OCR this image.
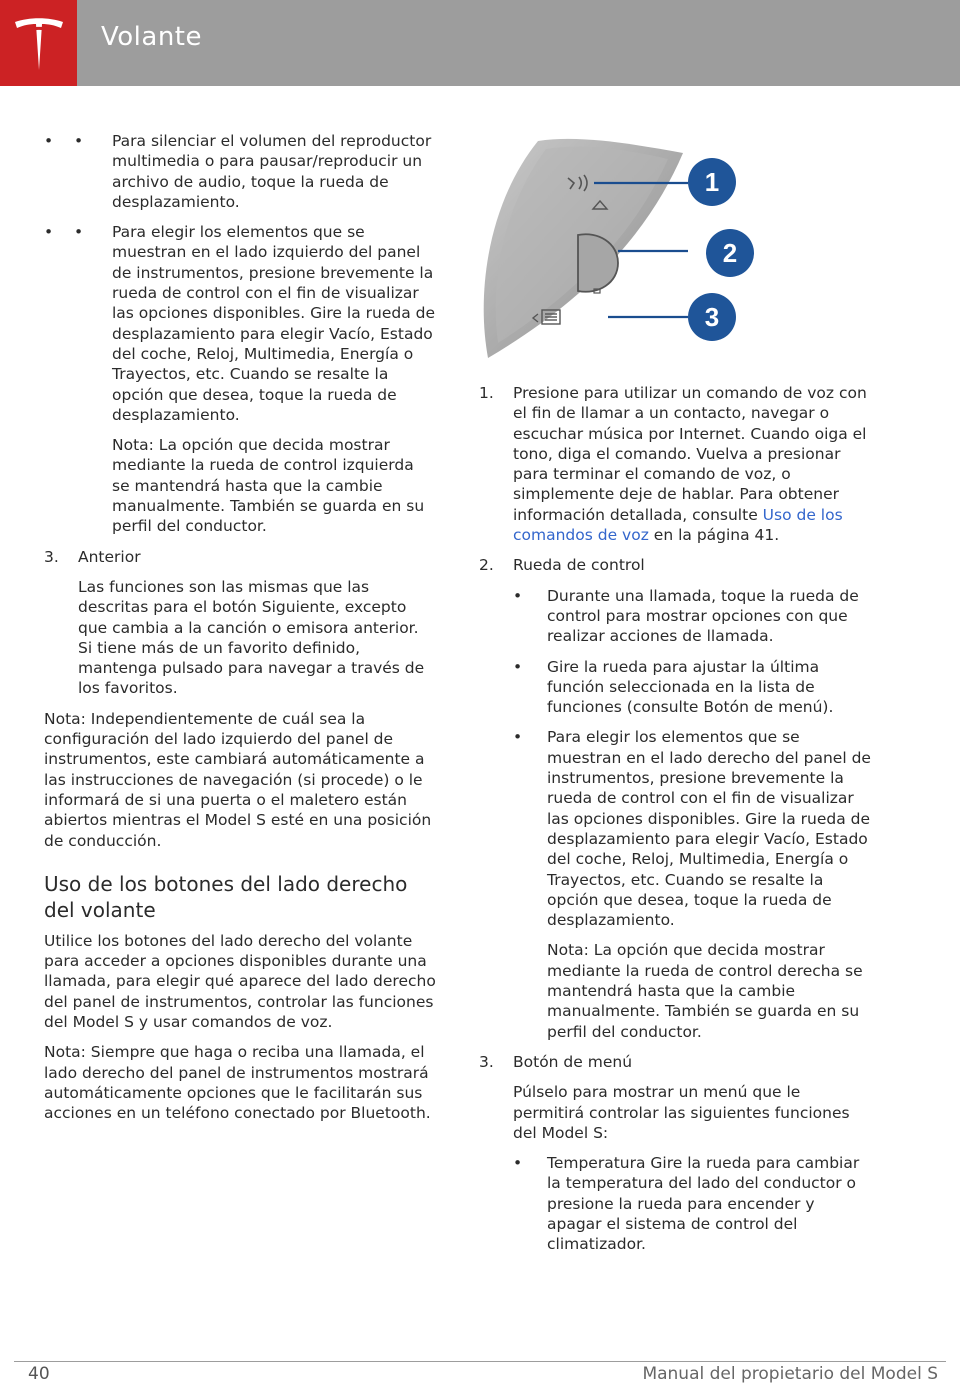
Volante
• • Para silenciar el volumen del reproductor multimedia o para pausar/reproducir un archivo de audio, toque la rueda de desplazamiento.
• • Para elegir los elementos que se muestran en el lado izquierdo del panel de instrumentos, presione brevemente la rueda de control con el fin de visualizar las opciones disponibles. Gire la rueda de desplazamiento para elegir Vacío, Estado del coche, Reloj, Multimedia, Energía o Trayectos, etc. Cuando se resalte la opción que desea, toque la rueda de desplazamiento.

Nota: La opción que decida mostrar mediante la rueda de control izquierda se mantendrá hasta que la cambie manualmente. También se guarda en su perfil del conductor.

3. Anterior

Las funciones son las mismas que las descritas para el botón Siguiente, excepto que cambia a la canción o emisora anterior. Si tiene más de un favorito definido, mantenga pulsado para navegar a través de los favoritos.

Nota: Independientemente de cuál sea la configuración del lado izquierdo del panel de instrumentos, este cambiará automáticamente a las instrucciones de navegación (si procede) o le informará de si una puerta o el maletero están abiertos mientras el Model S esté en una posición de conducción.

Uso de los botones del lado derecho del volante

Utilice los botones del lado derecho del volante para acceder a opciones disponibles durante una llamada, para elegir qué aparece del lado derecho del panel de instrumentos, controlar las funciones del Model S y usar comandos de voz.

Nota: Siempre que haga o reciba una llamada, el lado derecho del panel de instrumentos mostrará automáticamente opciones que le facilitarán sus acciones en un teléfono conectado por Bluetooth.

1
2
3
1. Presione para utilizar un comando de voz con el fin de llamar a un contacto, navegar o escuchar música por Internet. Cuando oiga el tono, diga el comando. Vuelva a presionar para terminar el comando de voz, o simplemente deje de hablar. Para obtener información detallada, consulte Uso de los comandos de voz en la página 41.
2. Rueda de control
• Durante una llamada, toque la rueda de control para mostrar opciones con que realizar acciones de llamada.
• Gire la rueda para ajustar la última función seleccionada en la lista de funciones (consulte Botón de menú).
• Para elegir los elementos que se muestran en el lado derecho del panel de instrumentos, presione brevemente la rueda de control con el fin de visualizar las opciones disponibles. Gire la rueda de desplazamiento para elegir Vacío, Estado del coche, Reloj, Multimedia, Energía o Trayectos, etc. Cuando se resalte la opción que desea, toque la rueda de desplazamiento.

Nota: La opción que decida mostrar mediante la rueda de control derecha se mantendrá hasta que la cambie manualmente. También se guarda en su perfil del conductor.

3. Botón de menú

Púlselo para mostrar un menú que le permitirá controlar las siguientes funciones del Model S:

• Temperatura Gire la rueda para cambiar la temperatura del lado del conductor o presione la rueda para encender y apagar el sistema de control del climatizador.
40	Manual del propietario del Model S
